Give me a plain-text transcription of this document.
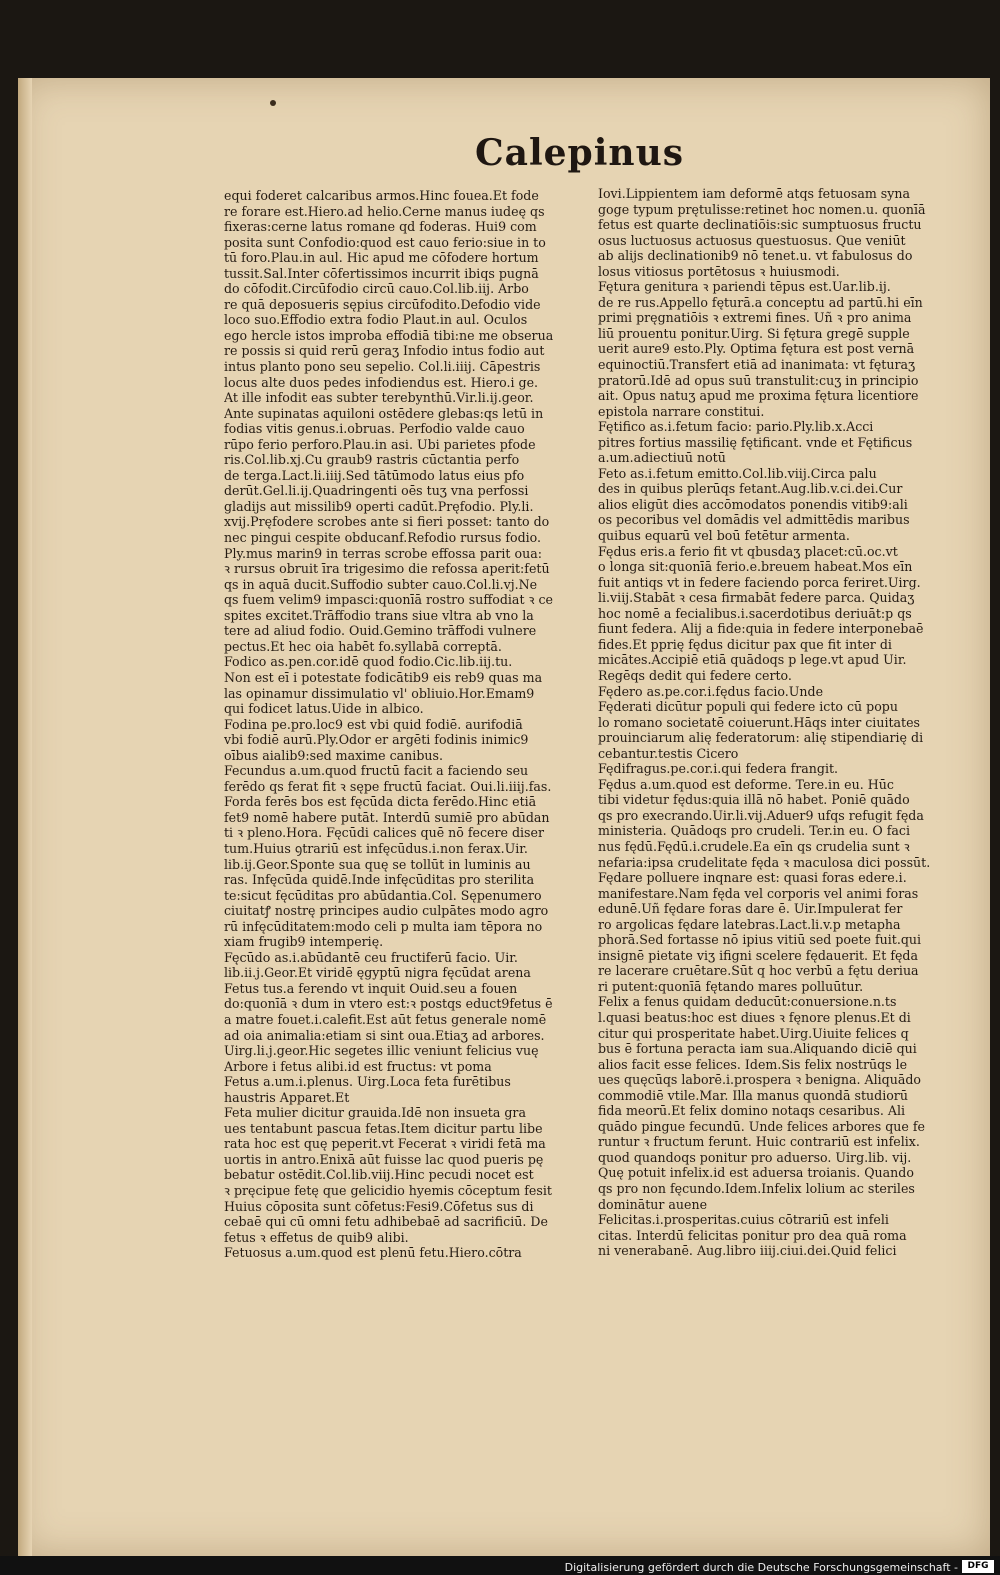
Calepinus
equi foderet calcaribus armos.Hinc fouea.Et fode
re forare est.Hiero.ad helio.Cerne manus iudeę qs
fixeras:cerne latus romane qd foderas. Hui9 com
posita sunt Confodio:quod est cauo ferio:siue in to
tū foro.Plau.in aul. Hic apud me cōfodere hortum
tussit.Sal.Inter cōfertissimos incurrit ibiqs pugnā
do cōfodit.Circūfodio circū cauo.Col.lib.iij. Arbo
re quā deposueris sępius circūfodito.Defodio vide
loco suo.Effodio extra fodio Plaut.in aul. Oculos
ego hercle istos improba effodiā tibi:ne me obserua
re possis si quid rerū geraʒ Infodio intus fodio aut
intus planto pono seu sepelio. Col.li.iiij. Cāpestris
locus alte duos pedes infodiendus est. Hiero.i ge.
At ille infodit eas subter terebynthū.Vir.li.ij.geor.
Ante supinatas aquiloni ostēdere glebas:qs letū in
fodias vitis genus.i.obruas. Perfodio valde cauo
rūpo ferio perforo.Plau.in asi. Ubi parietes pfode
ris.Col.lib.xj.Cu graub9 rastris cūctantia perfo
de terga.Lact.li.iiij.Sed tātūmodo latus eius pfo
derūt.Gel.li.ij.Quadringenti oēs tuʒ vna perfossi
gladijs aut missilib9 operti cadūt.Pręfodio. Ply.li.
xvij.Pręfodere scrobes ante si fieri posset: tanto do
nec pingui cespite obducanf.Refodio rursus fodio.
Ply.mus marin9 in terras scrobe effossa parit oua:
ꝛ rursus obruit īra trigesimo die refossa aperit:fetū
qs in aquā ducit.Suffodio subter cauo.Col.li.vj.Ne
qs fuem velim9 impasci:quonīā rostro suffodiat ꝛ ce
spites excitet.Trāffodio trans siue vltra ab vno la
tere ad aliud fodio. Ouid.Gemino trāffodi vulnere
pectus.Et hec oia habēt fo.syllabā correptā.
Fodico as.pen.cor.idē quod fodio.Cic.lib.iij.tu.
Non est eī i potestate fodicātib9 eis reb9 quas ma
las opinamur dissimulatio vl' obliuio.Hor.Emam9
qui fodicet latus.Uide in albico.
Fodina pe.pro.loc9 est vbi quid fodiē. aurifodiā
vbi fodiē aurū.Ply.Odor er argēti fodinis inimic9
oībus aialib9:sed maxime canibus.
Fecundus a.um.quod fructū facit a faciendo seu
ferēdo qs ferat fit ꝛ sępe fructū faciat. Oui.li.iiij.fas.
Forda ferēs bos est fęcūda dicta ferēdo.Hinc etiā
fet9 nomē habere putāt. Interdū sumiē pro abūdan
ti ꝛ pleno.Hora. Fęcūdi calices quē nō fecere diser
tum.Huius ꝯtrariū est infęcūdus.i.non ferax.Uir.
lib.ij.Geor.Sponte sua quę se tollūt in luminis au
ras. Infęcūda quidē.Inde infęcūditas pro sterilita
te:sicut fęcūditas pro abūdantia.Col. Sępenumero
ciuitatꝭ nostrę principes audio culpātes modo agro
rū infęcūditatem:modo celi p multa iam tēpora no
xiam frugib9 intemperię.
Fęcūdo as.i.abūdantē ceu fructiferū facio. Uir.
lib.ii.j.Geor.Et viridē ęgyptū nigra fęcūdat arena
Fetus tus.a ferendo vt inquit Ouid.seu a fouen
do:quonīā ꝛ dum in vtero est:ꝛ postqs educt9fetus ē
a matre fouet.i.calefit.Est aūt fetus generale nomē
ad oia animalia:etiam si sint oua.Etiaʒ ad arbores.
Uirg.li.j.geor.Hic segetes illic veniunt felicius vuę
Arbore i fetus alibi.id est fructus: vt poma
Fetus a.um.i.plenus. Uirg.Loca feta furētibus
haustris Apparet.Et
Feta mulier dicitur grauida.Idē non insueta gra
ues tentabunt pascua fetas.Item dicitur partu libe
rata hoc est quę peperit.vt Fecerat ꝛ viridi fetā ma
uortis in antro.Enixā aūt fuisse lac quod pueris pę
bebatur ostēdit.Col.lib.viij.Hinc pecudi nocet est
ꝛ pręcipue fetę que gelicidio hyemis cōceptum fesit
Huius cōposita sunt cōfetus:Fesi9.Cōfetus sus di
cebaē qui cū omni fetu adhibebaē ad sacrificiū. De
fetus ꝛ effetus de quib9 alibi.
Fetuosus a.um.quod est plenū fetu.Hiero.cōtra
Iovi.Lippientem iam deformē atqs fetuosam syna
goge typum prętulisse:retinet hoc nomen.u. quonīā
fetus est quarte declinatiōis:sic sumptuosus fructu
osus luctuosus actuosus questuosus. Que veniūt
ab alijs declinationib9 nō tenet.u. vt fabulosus do
losus vitiosus portētosus ꝛ huiusmodi.
Fętura genitura ꝛ pariendi tēpus est.Uar.lib.ij.
de re rus.Appello fęturā.a conceptu ad partū.hi eīn
primi pręgnatiōis ꝛ extremi fines. Uñ ꝛ pro anima
liū prouentu ponitur.Uirg. Si fętura gregē supple
uerit aure9 esto.Ply. Optima fętura est post vernā
equinoctiū.Transfert etiā ad inanimata: vt fęturaʒ
pratorū.Idē ad opus suū transtulit:cuʒ in principio
ait. Opus natuʒ apud me proxima fętura licentiore
epistola narrare constitui.
Fętifico as.i.fetum facio: pario.Ply.lib.x.Acci
pitres fortius massilię fętificant. vnde et Fętificus
a.um.adiectiuū notū
Feto as.i.fetum emitto.Col.lib.viij.Circa palu
des in quibus plerūqs fetant.Aug.lib.v.ci.dei.Cur
alios eligūt dies accōmodatos ponendis vitib9:ali
os pecoribus vel domādis vel admittēdis maribus
quibus equarū vel boū fetētur armenta.
Fędus eris.a ferio fit vt qbusdaʒ placet:cū.oc.vt
o longa sit:quonīā ferio.e.breuem habeat.Mos eīn
fuit antiqs vt in federe faciendo porca feriret.Uirg.
li.viij.Stabāt ꝛ cesa firmabāt federe parca. Quidaʒ
hoc nomē a fecialibus.i.sacerdotibus deriuāt:p qs
fiunt federa. Alij a fide:quia in federe interponebaē
fides.Et pprię fędus dicitur pax que fit inter di
micātes.Accipiē etiā quādoqs p lege.vt apud Uir.
Regēqs dedit qui federe certo.
Fędero as.pe.cor.i.fędus facio.Unde
Fęderati dicūtur populi qui federe icto cū popu
lo romano societatē coiuerunt.Hāqs inter ciuitates
prouinciarum alię federatorum: alię stipendiarię di
cebantur.testis Cicero
Fędifragus.pe.cor.i.qui federa frangit.
Fędus a.um.quod est deforme. Tere.in eu. Hūc
tibi videtur fędus:quia illā nō habet. Poniē quādo
qs pro execrando.Uir.li.vij.Aduer9 ufqs refugit fęda
ministeria. Quādoqs pro crudeli. Ter.in eu. O faci
nus fędū.Fędū.i.crudele.Ea eīn qs crudelia sunt ꝛ
nefaria:ipsa crudelitate fęda ꝛ maculosa dici possūt.
Fędare polluere inqnare est: quasi foras edere.i.
manifestare.Nam fęda vel corporis vel animi foras
edunē.Uñ fędare foras dare ē. Uir.Impulerat fer
ro argolicas fędare latebras.Lact.li.v.p metapha
phorā.Sed fortasse nō ipius vitiū sed poete fuit.qui
insignē pietate viʒ ifigni scelere fędauerit. Et fęda
re lacerare cruētare.Sūt q hoc verbū a fętu deriua
ri putent:quonīā fętando mares polluūtur.
Felix a fenus quidam deducūt:conuersione.n.ts
l.quasi beatus:hoc est diues ꝛ fęnore plenus.Et di
citur qui prosperitate habet.Uirg.Uiuite felices q
bus ē fortuna peracta iam sua.Aliquando diciē qui
alios facit esse felices. Idem.Sis felix nostrūqs le
ues quęcūqs laborē.i.prospera ꝛ benigna. Aliquādo
commodiē vtile.Mar. Illa manus quondā studiorū
fida meorū.Et felix domino notaqs cesaribus. Ali
quādo pingue fecundū. Unde felices arbores que fe
runtur ꝛ fructum ferunt. Huic contrariū est infelix.
quod quandoqs ponitur pro aduerso. Uirg.lib. vij.
Quę potuit infelix.id est aduersa troianis. Quando
qs pro non fęcundo.Idem.Infelix lolium ac steriles
dominātur auene
Felicitas.i.prosperitas.cuius cōtrariū est infeli
citas. Interdū felicitas ponitur pro dea quā roma
ni venerabanē. Aug.libro iiij.ciui.dei.Quid felici
Digitalisierung gefördert durch die Deutsche Forschungsgemeinschaft -	DFG
